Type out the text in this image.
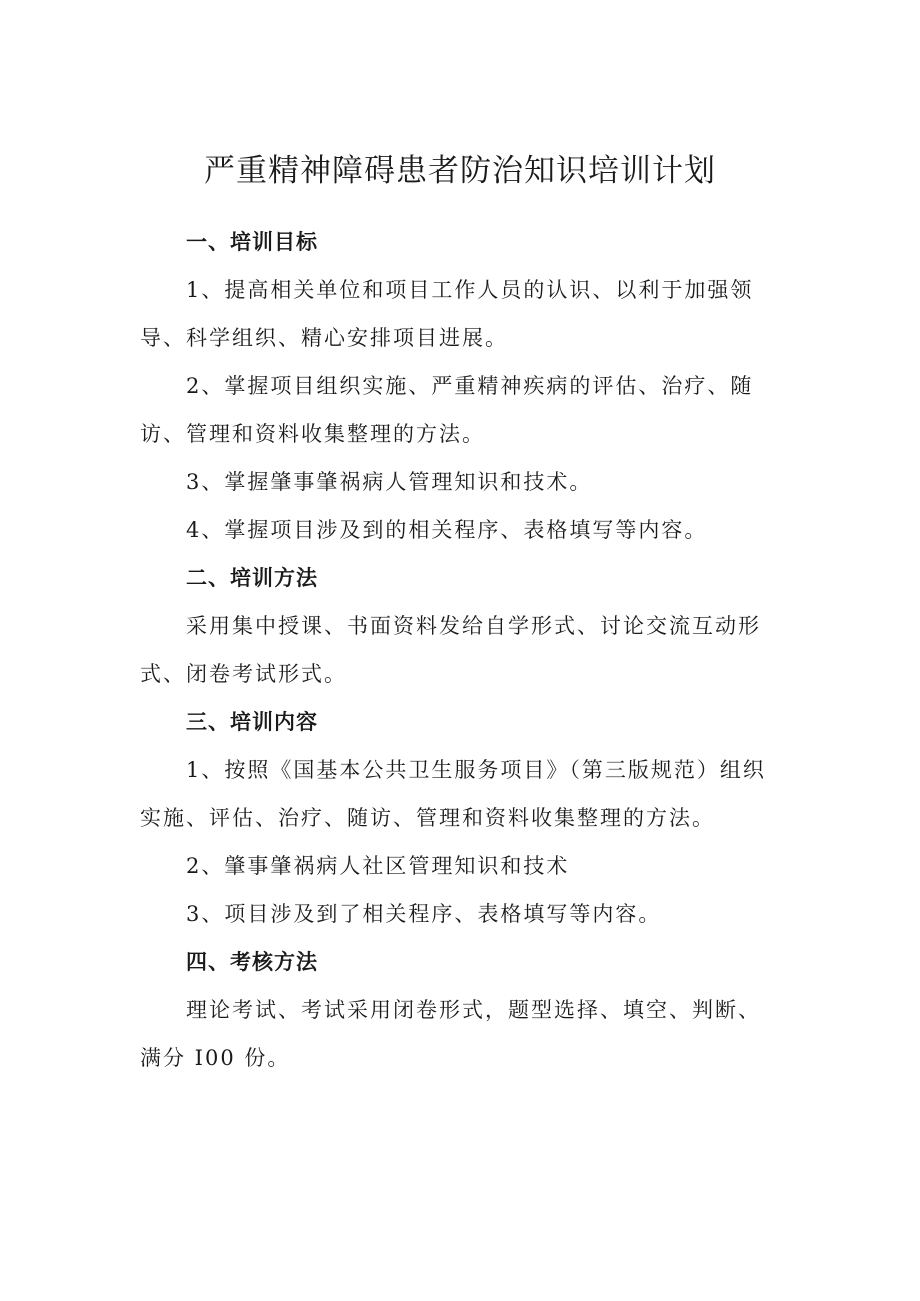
严重精神障碍患者防治知识培训计划
一、培训目标
1、提高相关单位和项目工作人员的认识、以利于加强领
导、科学组织、精心安排项目进展。
2、掌握项目组织实施、严重精神疾病的评估、治疗、随
访、管理和资料收集整理的方法。
3、掌握肇事肇祸病人管理知识和技术。
4、掌握项目涉及到的相关程序、表格填写等内容。
二、培训方法
采用集中授课、书面资料发给自学形式、讨论交流互动形
式、闭卷考试形式。
三、培训内容
1、按照《国基本公共卫生服务项目》（第三版规范）组织
实施、评估、治疗、随访、管理和资料收集整理的方法。
2、肇事肇祸病人社区管理知识和技术
3、项目涉及到了相关程序、表格填写等内容。
四、考核方法
理论考试、考试采用闭卷形式，题型选择、填空、判断、
满分 I00 份。
